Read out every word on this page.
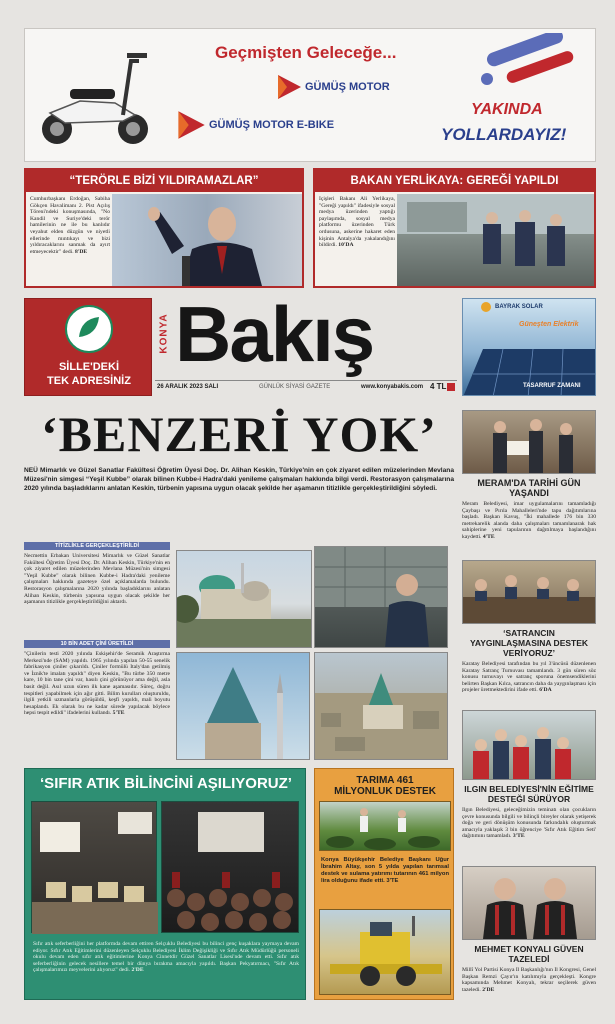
Geçmişten Geleceğe...
GÜMÜŞ MOTOR
GÜMÜŞ MOTOR E-BIKE
YAKINDA
YOLLARDAYIZ!
“TERÖRLE BİZİ YILDIRAMAZLAR”
Cumhurbaşkanı Erdoğan, Sabiha Gökçen Havalimanı 2. Pist Açılış Töreni'ndeki konuşmasında, "No Kandil ve Suriye'deki terör hamilerinin ne ile bu kanlıdır veyahut elden düzgün ve niyetli ellerinde mıntıkayı ve bizi yıldıracaklarını sanmak da ayırt etmeyecektir" dedi. 8'DE
BAKAN YERLİKAYA: GEREĞİ YAPILDI
İçişleri Bakanı Ali Yerlikaya, "Gereği yapıldı" ifadesiyle sosyal medya üzerinden yaptığı paylaşımda, sosyal medya platformu üzerinden Türk ordusuna, askerine hakaret eden kişinin Antalya'da yakalandığını bildirdi. 10'DA
SİLLE'DEKİ
TEK ADRESİNİZ
KONYA Bakış
26 ARALIK 2023 SALI	GÜNLÜK SİYASİ GAZETE	www.konyabakis.com 4 TL
BAYRAK SOLAR
Güneşten Elektrik
TASARRUF ZAMANI
‘BENZERİ YOK’
NEÜ Mimarlık ve Güzel Sanatlar Fakültesi Öğretim Üyesi Doç. Dr. Alihan Keskin, Türkiye'nin en çok ziyaret edilen müzelerinden Mevlana Müzesi'nin simgesi “Yeşil Kubbe” olarak bilinen Kubbe-i Hadra'daki yenileme çalışmaları hakkında bilgi verdi. Restorasyon çalışmalarına 2020 yılında başladıklarını anlatan Keskin, türbenin yapısına uygun olacak şekilde her aşamanın titizlikle gerçekleştirildiğini söyledi.
TİTİZLİKLE GERÇEKLEŞTİRİLDİ
Necmettin Erbakan Üniversitesi Mimarlık ve Güzel Sanatlar Fakültesi Öğretim Üyesi Doç. Dr. Alihan Keskin, Türkiye'nin en çok ziyaret edilen müzelerinden Mevlana Müzesi'nin simgesi "Yeşil Kubbe" olarak bilinen Kubbe-i Hadra'daki yenileme çalışmaları hakkında gazeteye özel açıklamalarda bulundu. Restorasyon çalışmalarına 2020 yılında başladıklarını anlatan Alihan Keskin, türbenin yapısına uygun olacak şekilde her aşamanın titizlikle gerçekleştirildiğini aktardı.
10 BİN ADET ÇİNİ ÜRETİLDİ
"Çinilerin testi 2020 yılında Eskişehir'de Seramik Araştırma Merkezi'nde (SAM) yapıldı. 1965 yılında yapılan 50-55 senelik fabrikasyon çiniler çıkarıldı. Çiniler formülü Italy'dan getilmiş ve İznik'te imalatı yapıldı" diyen Keskin, "Bu türbe 350 metre kare, 10 bin tane çini var, hasılı çini görünüyor ama değil, asla basit değil. Asıl uzun süren ilk kane aşamasıdır. Süreç, doğru tespitleri yapabilmek için ağır gitti. Bilim kurulları oluşturuldu, ilgili yetkili uzmanlarla görüşüldü, keşfi yapıldı, mali boyutu hesaplandı. Ek olarak bu ne kadar sürede yapılacak böylece hepsi tespit edildi" ifadelerini kullandı. 5'TE
MERAM'DA TARİHİ GÜN YAŞANDI
Meram Belediyesi, imar uygulamalarını tamamladığı Çaybaşı ve Pırıla Mahalleleri'nde tapu dağıtımlarına başladı. Başkan Kavuş, "İki mahallede 176 bin 330 metrekarelik alanda daha çalışmaları tamamlanarak hak sahiplerine yeni tapularının dağıtılmaya başlandığını kaydetti. 4'TE
‘SATRANCIN YAYGINLAŞMASINA DESTEK VERİYORUZ’
Karatay Belediyesi tarafından bu yıl 3'üncüsü düzenlenen Karatay Satranç Turnuvası tamamlandı. 3 gün süren söz konusu turnuvayı ve satranç sporuna önemsendiklerini belirten Başkan Kılca, satrancın daha da yaygınlaşması için projeler üretmektedirini ifade etti. 6'DA
ILGIN BELEDİYESİ'NİN EĞİTİME DESTEĞİ SÜRÜYOR
Ilgın Belediyesi, geleceğimizin teminatı olan çocukların çevre konusunda bilgili ve bilinçli bireyler olarak yetişerek doğa ve geri dönüşüm konusunda farkındalık oluşturmak amacıyla yaklaşık 3 bin öğrenciye 'Sıfır Atık Eğitim Seti' dağıtımını tamamladı. 3'TE
MEHMET KONYALI GÜVEN TAZELEDİ
Millî Yol Partisi Konya İl Başkanlığı'nın İl Kongresi, Genel Başkan Remzi Çayır'ın katılımıyla gerçekleşti. Kongre kapsamında Mehmet Konyalı, tekrar seçilerek güven tazeledi. 2'DE
‘SIFIR ATIK BİLİNCİNİ AŞILIYORUZ’
Sıfır atık seferberliğini her platformda devam ettiren Selçuklu Belediyesi bu bilinci genç kuşaklara yaymaya devam ediyor. Sıfır Atık Eğitimlerini düzenleyen Selçuklu Belediyesi İklim Değişikliği ve Sıfır Atık Müdürlüğü personeli okulu devam eden sıfır atık eğitimlerine Konya Cinnetdir Güzel Sanatlar Lisesi'nde devam etti. Sıfır atık seferberliğinin gelecek nesillere temel bir dünya bırakma amacıyla yapıldı. Başkan Pekyatırmacı, "Sıfır Atık çalışmalarımızı meyvelerini alıyoruz" dedi. 2'DE
TARIMA 461 MİLYONLUK DESTEK
Konya Büyükşehir Belediye Başkanı Uğur İbrahim Altay, son 5 yılda yapılan tarımsal destek ve sulama yatırımı tutarının 461 milyon lira olduğunu ifade etti. 3'TE
